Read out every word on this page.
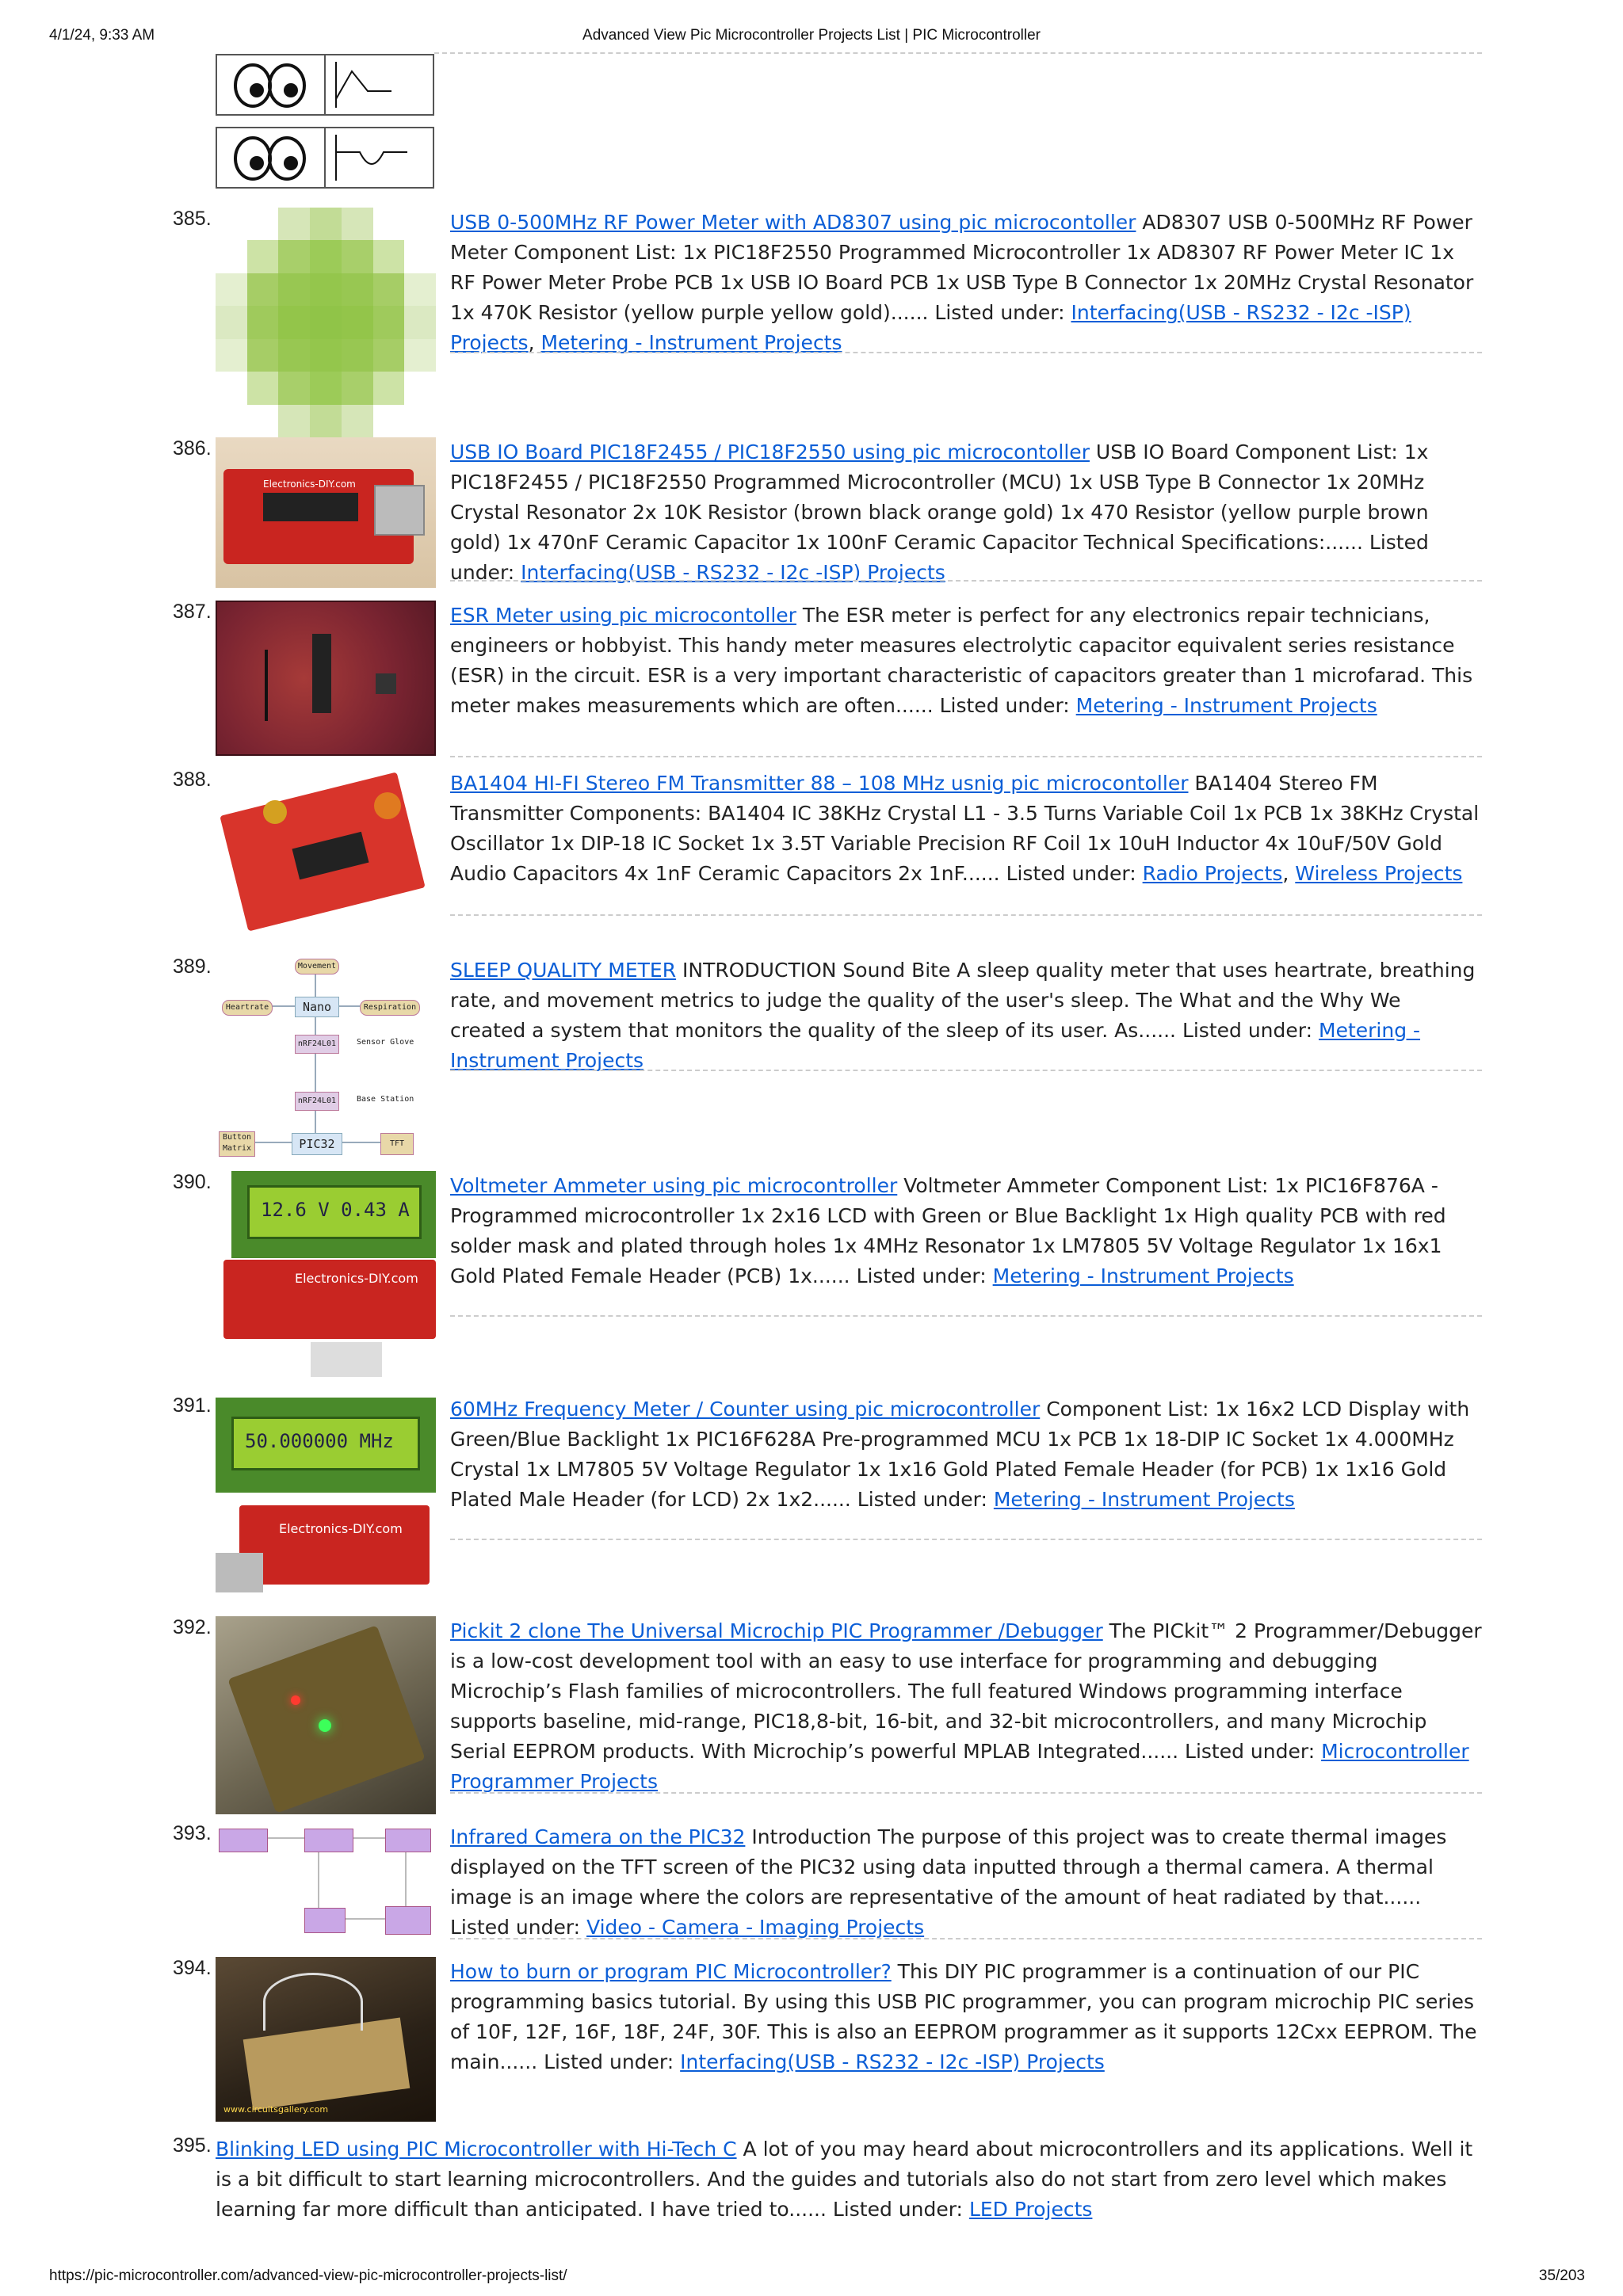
4/1/24, 9:33 AM	Advanced View Pic Microcontroller Projects List | PIC Microcontroller
385.	USB 0-500MHz RF Power Meter with AD8307 using pic microcontoller AD8307 USB 0-500MHz RF Power Meter Component List: 1x PIC18F2550 Programmed Microcontroller 1x AD8307 RF Power Meter IC 1x RF Power Meter Probe PCB 1x USB IO Board PCB 1x USB Type B Connector 1x 20MHz Crystal Resonator 1x 470K Resistor (yellow purple yellow gold)...... Listed under: Interfacing(USB - RS232 - I2c -ISP) Projects, Metering - Instrument Projects
386.
Electronics-DIY.com
USB IO Board PIC18F2455 / PIC18F2550 using pic microcontoller USB IO Board Component List: 1x PIC18F2455 / PIC18F2550 Programmed Microcontroller (MCU) 1x USB Type B Connector 1x 20MHz Crystal Resonator 2x 10K Resistor (brown black orange gold) 1x 470 Resistor (yellow purple brown gold) 1x 470nF Ceramic Capacitor 1x 100nF Ceramic Capacitor Technical Specifications:...... Listed under: Interfacing(USB - RS232 - I2c -ISP) Projects
387.	ESR Meter using pic microcontoller The ESR meter is perfect for any electronics repair technicians, engineers or hobbyist. This handy meter measures electrolytic capacitor equivalent series resistance (ESR) in the circuit. ESR is a very important characteristic of capacitors greater than 1 microfarad. This meter makes measurements which are often...... Listed under: Metering - Instrument Projects
388.	BA1404 HI-FI Stereo FM Transmitter 88 – 108 MHz usnig pic microcontoller BA1404 Stereo FM Transmitter Components: BA1404 IC 38KHz Crystal L1 - 3.5 Turns Variable Coil 1x PCB 1x 38KHz Crystal Oscillator 1x DIP-18 IC Socket 1x 3.5T Variable Precision RF Coil 1x 10uH Inductor 4x 10uF/50V Gold Audio Capacitors 4x 1nF Ceramic Capacitors 2x 1nF...... Listed under: Radio Projects, Wireless Projects
389.	Movement
Heartrate	Nano	Respiration
nRF24L01	Sensor Glove
nRF24L01	Base Station
Button Matrix	PIC32	TFT
SLEEP QUALITY METER INTRODUCTION Sound Bite A sleep quality meter that uses heartrate, breathing rate, and movement metrics to judge the quality of the user's sleep. The What and the Why We created a system that monitors the quality of the sleep of its user. As...... Listed under: Metering - Instrument Projects
390.
12.6 V 0.43 A
Electronics-DIY.com
Voltmeter Ammeter using pic microcontroller Voltmeter Ammeter Component List: 1x PIC16F876A - Programmed microcontroller 1x 2x16 LCD with Green or Blue Backlight 1x High quality PCB with red solder mask and plated through holes 1x 4MHz Resonator 1x LM7805 5V Voltage Regulator 1x 16x1 Gold Plated Female Header (PCB) 1x...... Listed under: Metering - Instrument Projects
391.
50.000000 MHz
Electronics-DIY.com
60MHz Frequency Meter / Counter using pic microcontroller Component List: 1x 16x2 LCD Display with Green/Blue Backlight 1x PIC16F628A Pre-programmed MCU 1x PCB 1x 18-DIP IC Socket 1x 4.000MHz Crystal 1x LM7805 5V Voltage Regulator 1x 1x16 Gold Plated Female Header (for PCB) 1x 1x16 Gold Plated Male Header (for LCD) 2x 1x2...... Listed under: Metering - Instrument Projects
392.	Pickit 2 clone The Universal Microchip PIC Programmer /Debugger The PICkit™ 2 Programmer/Debugger is a low-cost development tool with an easy to use interface for programming and debugging Microchip’s Flash families of microcontrollers. The full featured Windows programming interface supports baseline, mid-range, PIC18,8-bit, 16-bit, and 32-bit microcontrollers, and many Microchip Serial EEPROM products. With Microchip’s powerful MPLAB Integrated...... Listed under: Microcontroller Programmer Projects
393.	Infrared Camera on the PIC32 Introduction The purpose of this project was to create thermal images displayed on the TFT screen of the PIC32 using data inputted through a thermal camera. A thermal image is an image where the colors are representative of the amount of heat radiated by that...... Listed under: Video - Camera - Imaging Projects
394.
www.circuitsgallery.com
How to burn or program PIC Microcontroller? This DIY PIC programmer is a continuation of our PIC programming basics tutorial. By using this USB PIC programmer, you can program microchip PIC series of 10F, 12F, 16F, 18F, 24F, 30F. This is also an EEPROM programmer as it supports 12Cxx EEPROM. The main...... Listed under: Interfacing(USB - RS232 - I2c -ISP) Projects
395. Blinking LED using PIC Microcontroller with Hi-Tech C A lot of you may heard about microcontrollers and its applications. Well it is a bit difficult to start learning microcontrollers. And the guides and tutorials also do not start from zero level which makes learning far more difficult than anticipated. I have tried to...... Listed under: LED Projects
https://pic-microcontroller.com/advanced-view-pic-microcontroller-projects-list/	35/203
